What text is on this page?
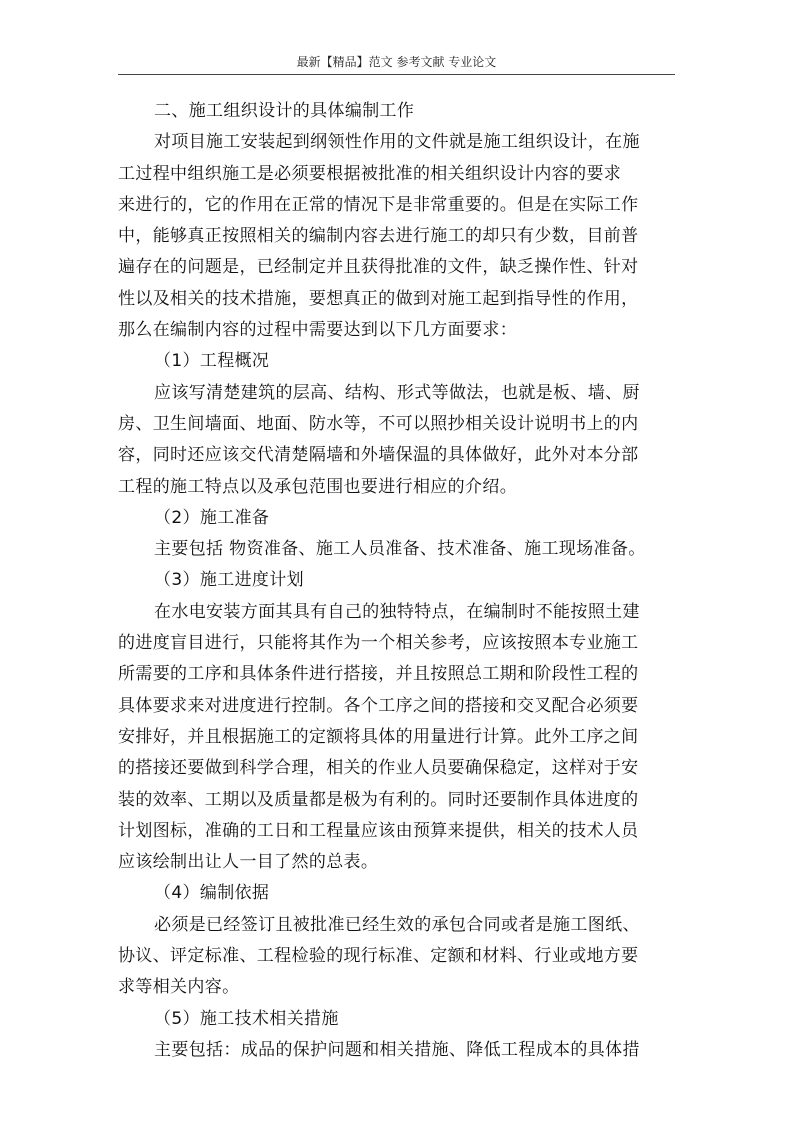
最新【精品】范文 参考文献 专业论文
二、施工组织设计的具体编制工作
对项目施工安装起到纲领性作用的文件就是施工组织设计，在施
工过程中组织施工是必须要根据被批准的相关组织设计内容的要求
来进行的，它的作用在正常的情况下是非常重要的。但是在实际工作
中，能够真正按照相关的编制内容去进行施工的却只有少数，目前普
遍存在的问题是，已经制定并且获得批准的文件，缺乏操作性、针对
性以及相关的技术措施，要想真正的做到对施工起到指导性的作用，
那么在编制内容的过程中需要达到以下几方面要求：
（1）工程概况
应该写清楚建筑的层高、结构、形式等做法，也就是板、墙、厨
房、卫生间墙面、地面、防水等，不可以照抄相关设计说明书上的内
容，同时还应该交代清楚隔墙和外墙保温的具体做好，此外对本分部
工程的施工特点以及承包范围也要进行相应的介绍。
（2）施工准备
主要包括 物资准备、施工人员准备、技术准备、施工现场准备。
（3）施工进度计划
在水电安装方面其具有自己的独特特点，在编制时不能按照土建
的进度盲目进行，只能将其作为一个相关参考，应该按照本专业施工
所需要的工序和具体条件进行搭接，并且按照总工期和阶段性工程的
具体要求来对进度进行控制。各个工序之间的搭接和交叉配合必须要
安排好，并且根据施工的定额将具体的用量进行计算。此外工序之间
的搭接还要做到科学合理，相关的作业人员要确保稳定，这样对于安
装的效率、工期以及质量都是极为有利的。同时还要制作具体进度的
计划图标，准确的工日和工程量应该由预算来提供，相关的技术人员
应该绘制出让人一目了然的总表。
（4）编制依据
必须是已经签订且被批准已经生效的承包合同或者是施工图纸、
协议、评定标准、工程检验的现行标准、定额和材料、行业或地方要
求等相关内容。
（5）施工技术相关措施
主要包括：成品的保护问题和相关措施、降低工程成本的具体措
